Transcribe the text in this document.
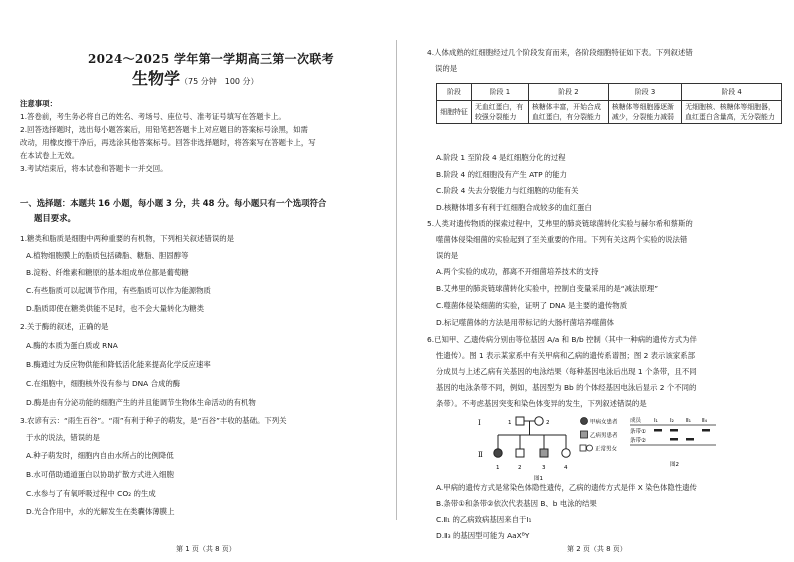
2024～2025 学年第一学期高三第一次联考
生物学（75 分钟　100 分）
注意事项：
1.答卷前，考生务必将自己的姓名、考场号、座位号、准考证号填写在答题卡上。
2.回答选择题时，选出每小题答案后，用铅笔把答题卡上对应题目的答案标号涂黑，如需
改动，用橡皮擦干净后，再选涂其他答案标号。回答非选择题时，将答案写在答题卡上，写
在本试卷上无效。
3.考试结束后，将本试卷和答题卡一并交回。
一、选择题：本题共 16 小题，每小题 3 分，共 48 分。每小题只有一个选项符合
题目要求。
1.糖类和脂质是细胞中两种重要的有机物，下列相关叙述错误的是
A.植物细胞膜上的脂质包括磷脂、糖脂、胆固醇等
B.淀粉、纤维素和糖原的基本组成单位都是葡萄糖
C.有些脂质可以起调节作用，有些脂质可以作为能源物质
D.脂质即使在糖类供能不足时，也不会大量转化为糖类
2.关于酶的叙述，正确的是
A.酶的本质为蛋白质或 RNA
B.酶通过为反应物供能和降低活化能来提高化学反应速率
C.在细胞中，细胞核外没有参与 DNA 合成的酶
D.酶是由有分泌功能的细胞产生的并且能调节生物体生命活动的有机物
3.农谚有云：“雨生百谷”。“雨”有利于种子的萌发，是“百谷”丰收的基础。下列关
于水的说法，错误的是
A.种子萌发时，细胞内自由水所占的比例降低
B.水可借助通道蛋白以协助扩散方式进入细胞
C.水参与了有氧呼吸过程中 CO₂ 的生成
D.光合作用中，水的光解发生在类囊体薄膜上
第 1 页（共 8 页）
4.人体成熟的红细胞经过几个阶段发育而来，各阶段细胞特征如下表。下列叙述错
误的是
第 2 页（共 8 页）
阶段	阶段 1	阶段 2	阶段 3	阶段 4
细胞特征	无血红蛋白，有较强分裂能力	核糖体丰富，开始合成血红蛋白，有分裂能力	核糖体等细胞器逐渐减少，分裂能力减弱	无细胞核、核糖体等细胞器，血红蛋白含量高，无分裂能力
A.阶段 1 至阶段 4 是红细胞分化的过程
B.阶段 4 的红细胞没有产生 ATP 的能力
C.阶段 4 失去分裂能力与红细胞的功能有关
D.核糖体增多有利于红细胞合成较多的血红蛋白
5.人类对遗传物质的探索过程中，艾弗里的肺炎链球菌转化实验与赫尔希和蔡斯的
噬菌体侵染细菌的实验起到了至关重要的作用。下列有关这两个实验的说法错
误的是
A.两个实验的成功，都离不开细菌培养技术的支持
B.艾弗里的肺炎链球菌转化实验中，控制自变量采用的是“减法原理”
C.噬菌体侵染细菌的实验，证明了 DNA 是主要的遗传物质
D.标记噬菌体的方法是用带标记的大肠杆菌培养噬菌体
6.已知甲、乙遗传病分别由等位基因 A/a 和 B/b 控制（其中一种病的遗传方式为伴
性遗传）。图 1 表示某家系中有关甲病和乙病的遗传系谱图；图 2 表示该家系部
分成员与上述乙病有关基因的电泳结果（每种基因电泳后出现 1 个条带，且不同
基因的电泳条带不同，例如，基因型为 Bb 的个体经基因电泳后显示 2 个不同的
条带）。不考虑基因突变和染色体变异的发生，下列叙述错误的是
Ⅰ
Ⅱ
1	2
1	2	3	4
图1
甲病女患者
乙病男患者
正常男女
成员 Ⅰ₁ Ⅰ₂ Ⅱ₁ Ⅱ₄
条带①
条带②
图2
A.甲病的遗传方式是常染色体隐性遗传，乙病的遗传方式是伴 X 染色体隐性遗传
B.条带①和条带②依次代表基因 B、b 电泳的结果
C.Ⅱ₁ 的乙病致病基因来自于Ⅰ₁
D.Ⅱ₃ 的基因型可能为 AaXᴮY
